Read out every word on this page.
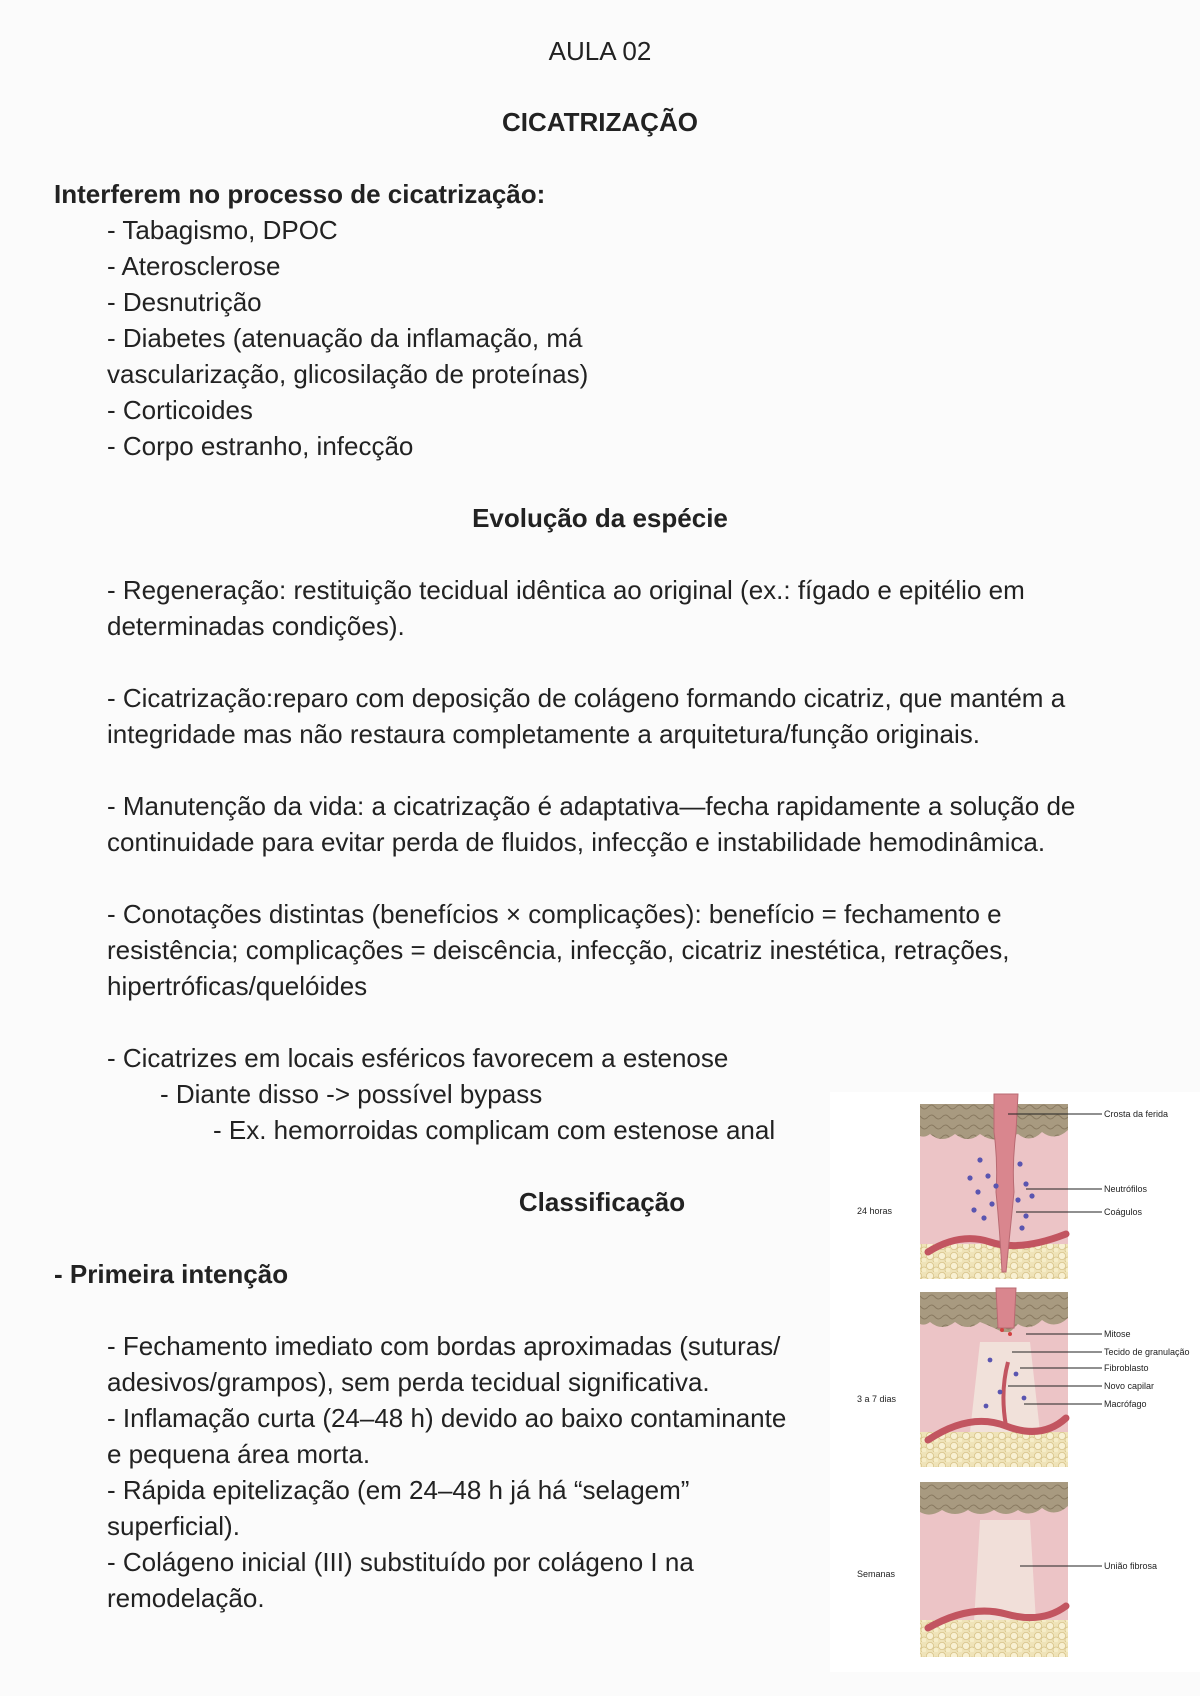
AULA 02
CICATRIZAÇÃO
Interferem no processo de cicatrização:
- Tabagismo, DPOC
- Aterosclerose
- Desnutrição
- Diabetes (atenuação da inflamação, má
vascularização, glicosilação de proteínas)
- Corticoides
- Corpo estranho, infecção
Evolução da espécie
- Regeneração: restituição tecidual idêntica ao original (ex.: fígado e epitélio em
determinadas condições).
- Cicatrização:reparo com deposição de colágeno formando cicatriz, que mantém a
integridade mas não restaura completamente a arquitetura/função originais.
- Manutenção da vida: a cicatrização é adaptativa—fecha rapidamente a solução de
continuidade para evitar perda de fluidos, infecção e instabilidade hemodinâmica.
- Conotações distintas (benefícios × complicações): benefício = fechamento e
resistência; complicações = deiscência, infecção, cicatriz inestética, retrações,
hipertróficas/quelóides
- Cicatrizes em locais esféricos favorecem a estenose
- Diante disso -> possível bypass
- Ex. hemorroidas complicam com estenose anal
Classificação
- Primeira intenção
- Fechamento imediato com bordas aproximadas (suturas/
adesivos/grampos), sem perda tecidual significativa.
- Inflamação curta (24–48 h) devido ao baixo contaminante
e pequena área morta.
- Rápida epitelização (em 24–48 h já há “selagem”
superficial).
- Colágeno inicial (III) substituído por colágeno I na
remodelação.
24 horas
3 a 7 dias
Semanas
Crosta da ferida
Neutrófilos
Coágulos
Mitose
Tecido de granulação
Fibroblasto
Novo capilar
Macrófago
União fibrosa
